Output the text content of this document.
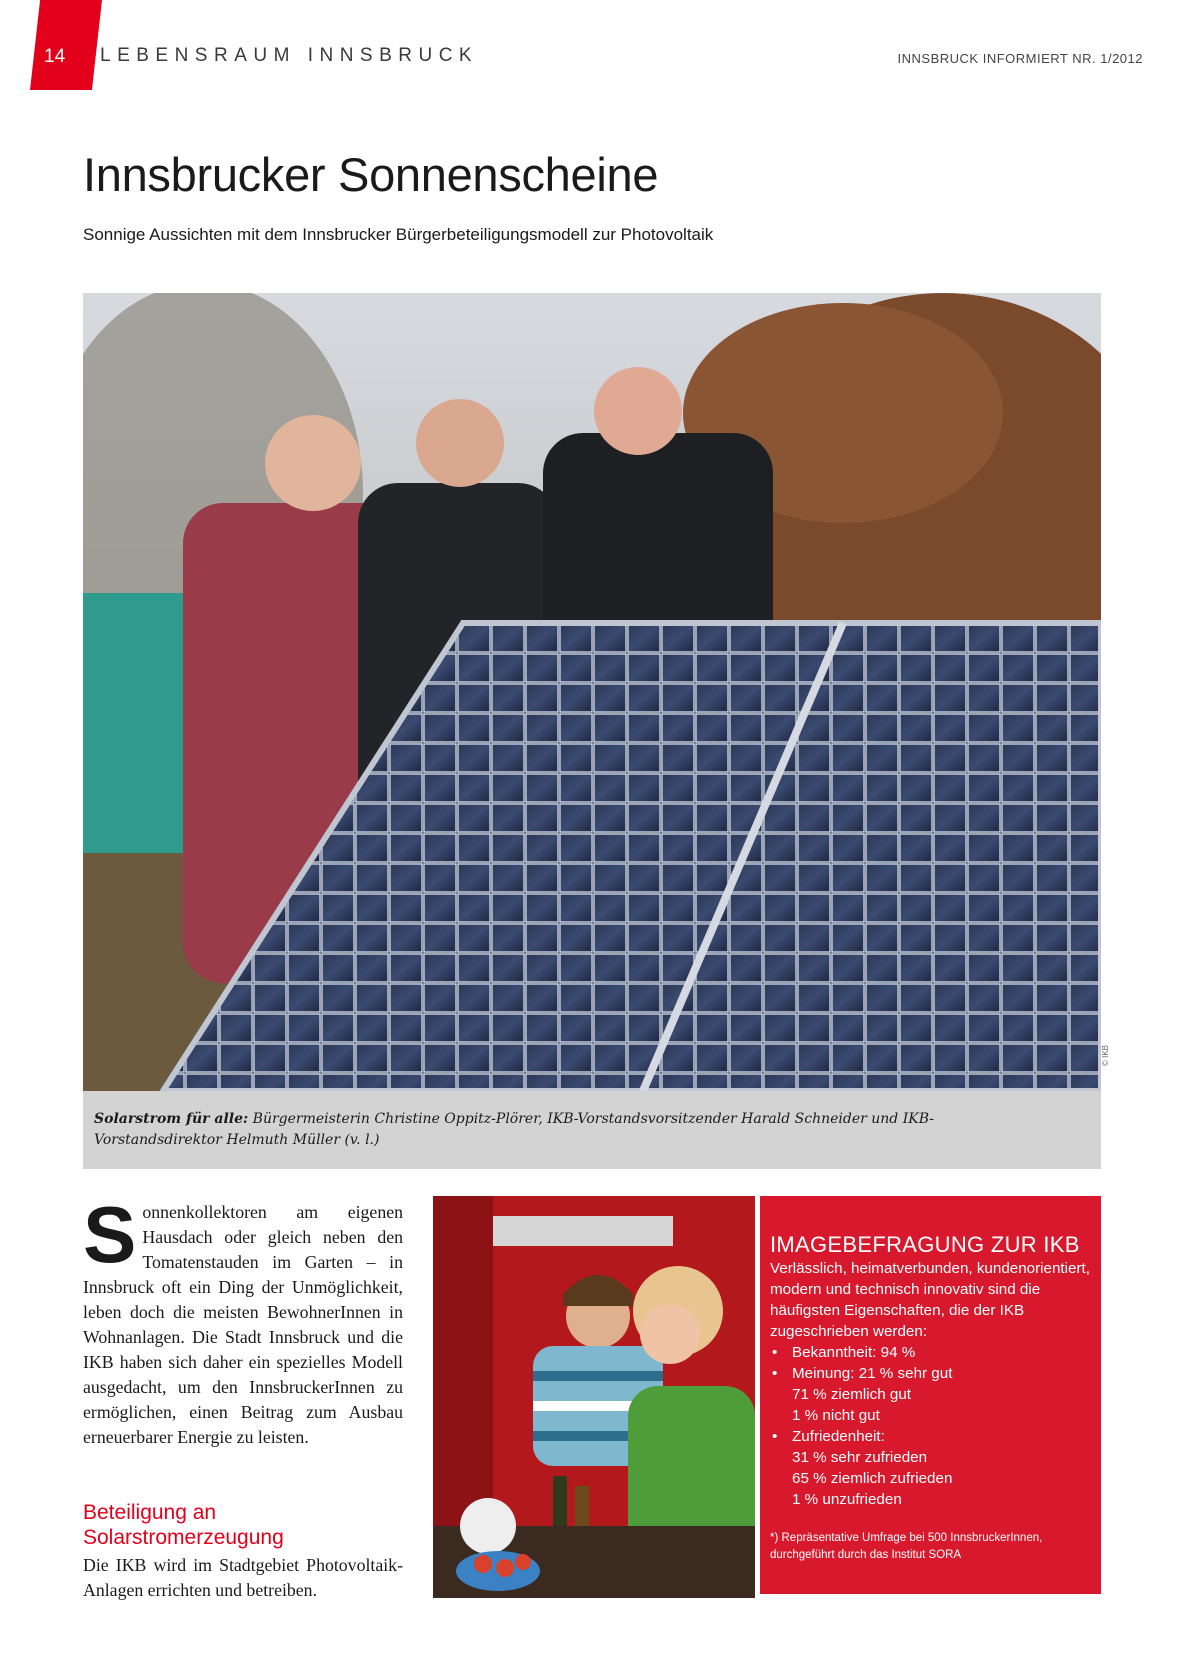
14 LEBENSRAUM INNSBRUCK	INNSBRUCK INFORMIERT NR. 1/2012
Innsbrucker Sonnenscheine
Sonnige Aussichten mit dem Innsbrucker Bürgerbeteiligungsmodell zur Photovoltaik
© IKB
Solarstrom für alle: Bürgermeisterin Christine Oppitz-Plörer, IKB-Vorstandsvorsitzender Harald Schneider und IKB-Vorstandsdirektor Helmuth Müller (v. l.)
Sonnenkollektoren am eigenen Hausdach oder gleich neben den Tomatenstauden im Garten – in Innsbruck oft ein Ding der Unmöglichkeit, leben doch die meisten BewohnerInnen in Wohnanlagen. Die Stadt Innsbruck und die IKB haben sich daher ein spezielles Modell ausgedacht, um den InnsbruckerInnen zu ermöglichen, einen Beitrag zum Ausbau erneuerbarer Energie zu leisten.
Beteiligung an Solarstromerzeugung
Die IKB wird im Stadtgebiet Photovoltaik-Anlagen errichten und betreiben.
IMAGEBEFRAGUNG ZUR IKB
Verlässlich, heimatverbunden, kundenorientiert, modern und technisch innovativ sind die häufigsten Eigenschaften, die der IKB zugeschrieben werden:
• Bekanntheit: 94 %
• Meinung: 21 % sehr gut
71 % ziemlich gut
1 % nicht gut
• Zufriedenheit:
31 % sehr zufrieden
65 % ziemlich zufrieden
1 % unzufrieden
*) Repräsentative Umfrage bei 500 InnsbruckerInnen, durchgeführt durch das Institut SORA
